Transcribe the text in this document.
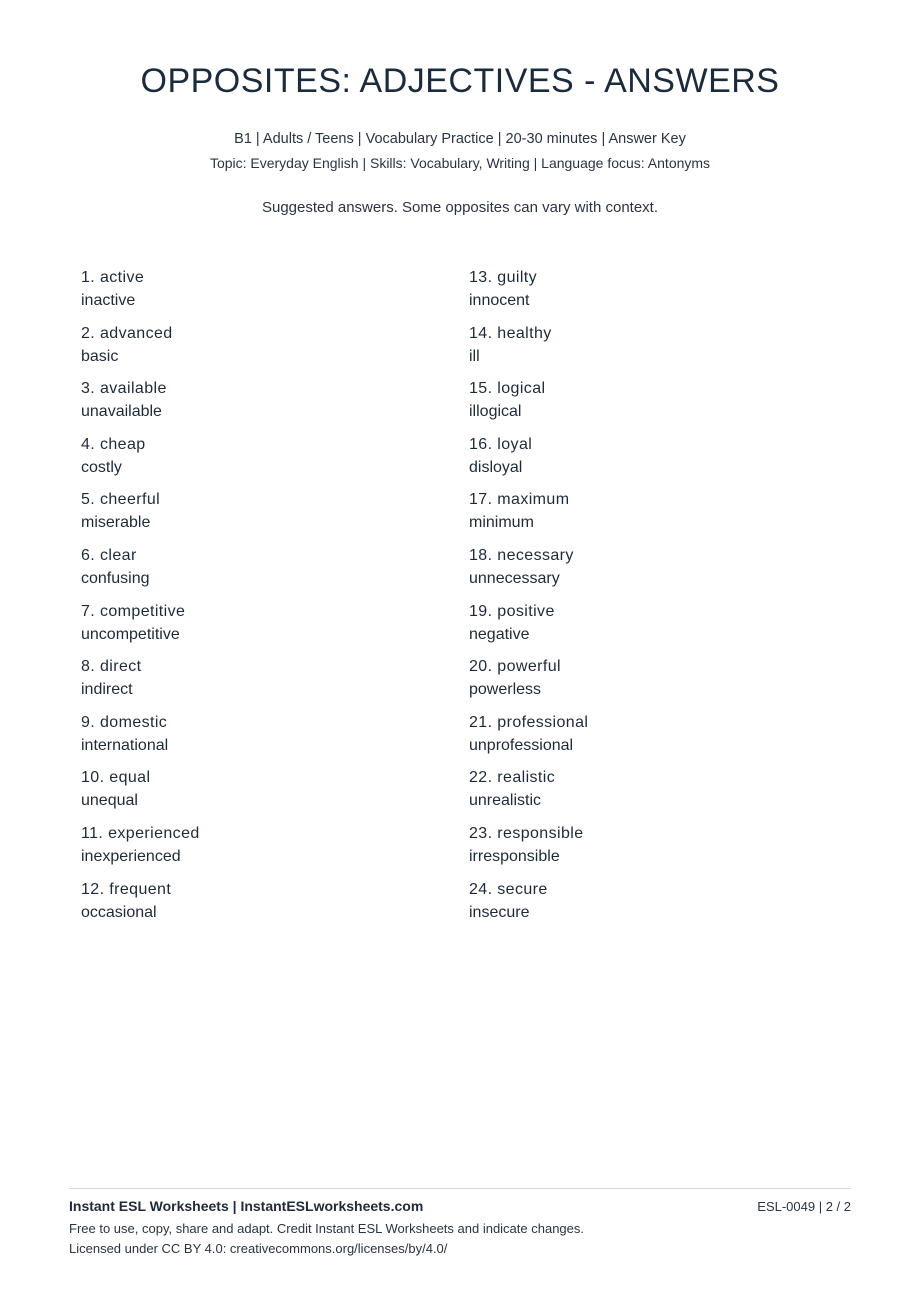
OPPOSITES: ADJECTIVES - ANSWERS
B1 | Adults / Teens | Vocabulary Practice | 20-30 minutes | Answer Key
Topic: Everyday English | Skills: Vocabulary, Writing | Language focus: Antonyms
Suggested answers. Some opposites can vary with context.
1. active
inactive
2. advanced
basic
3. available
unavailable
4. cheap
costly
5. cheerful
miserable
6. clear
confusing
7. competitive
uncompetitive
8. direct
indirect
9. domestic
international
10. equal
unequal
11. experienced
inexperienced
12. frequent
occasional
13. guilty
innocent
14. healthy
ill
15. logical
illogical
16. loyal
disloyal
17. maximum
minimum
18. necessary
unnecessary
19. positive
negative
20. powerful
powerless
21. professional
unprofessional
22. realistic
unrealistic
23. responsible
irresponsible
24. secure
insecure
Instant ESL Worksheets | InstantESLworksheets.com	ESL-0049 | 2 / 2
Free to use, copy, share and adapt. Credit Instant ESL Worksheets and indicate changes.
Licensed under CC BY 4.0: creativecommons.org/licenses/by/4.0/
